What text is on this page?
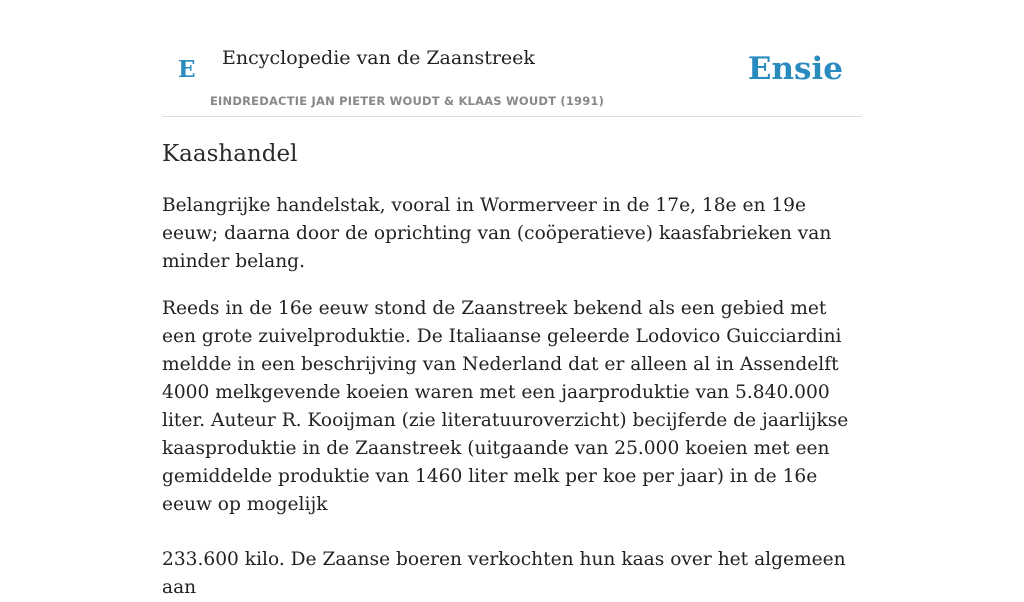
E Encyclopedie van de Zaanstreek
EINDREDACTIE JAN PIETER WOUDT & KLAAS WOUDT (1991)
Ensie
Kaashandel

Belangrijke handelstak, vooral in Wormerveer in de 17e, 18e en 19e eeuw; daarna door de oprichting van (coöperatieve) kaasfabrieken van minder belang.

Reeds in de 16e eeuw stond de Zaanstreek bekend als een gebied met een grote zuivelproduktie. De Italiaanse geleerde Lodovico Guicciardini meldde in een beschrijving van Nederland dat er alleen al in Assendelft 4000 melkgevende koeien waren met een jaarproduktie van 5.840.000 liter. Auteur R. Kooijman (zie literatuuroverzicht) becijferde de jaarlijkse kaasproduktie in de Zaanstreek (uitgaande van 25.000 koeien met een gemiddelde produktie van 1460 liter melk per koe per jaar) in de 16e eeuw op mogelijk

233.600 kilo. De Zaanse boeren verkochten hun kaas over het algemeen aan
